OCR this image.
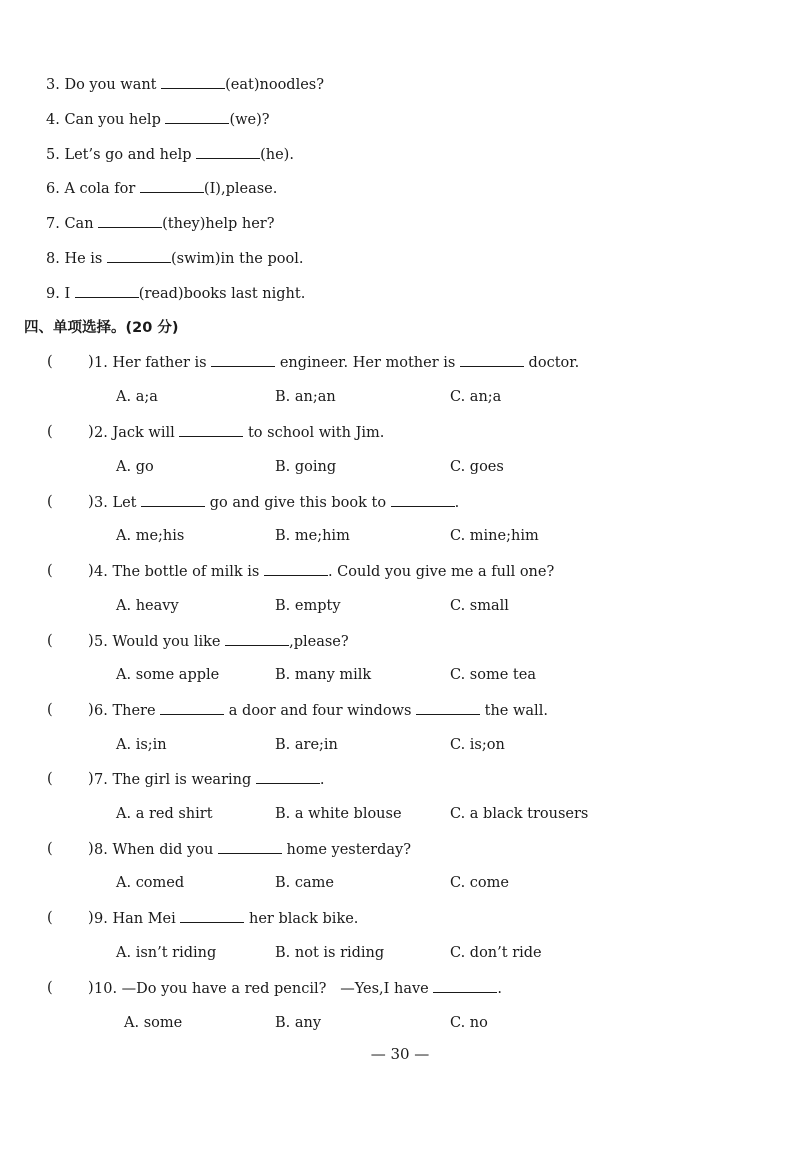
3. Do you want	(eat)noodles?
4. Can you help	(we)?
5. Let’s go and help	(he).
6. A cola for	(I),please.
7. Can	(they)help her?
8. He is	(swim)in the pool.
9. I	(read)books last night.
四、单项选择。(20 分)
( ) 1. Her father is	engineer. Her mother is	doctor.
A. a;a	B. an;an	C. an;a
( ) 2. Jack will	to school with Jim.
A. go	B. going	C. goes
( ) 3. Let	go and give this book to	.
A. me;his	B. me;him	C. mine;him
( ) 4. The bottle of milk is	. Could you give me a full one?
A. heavy	B. empty	C. small
( ) 5. Would you like	,please?
A. some apple	B. many milk	C. some tea
( ) 6. There	a door and four windows	the wall.
A. is;in	B. are;in	C. is;on
( ) 7. The girl is wearing	.
A. a red shirt	B. a white blouse	C. a black trousers
( ) 8. When did you	home yesterday?
A. comed	B. came	C. come
( ) 9. Han Mei	her black bike.
A. isn’t riding	B. not is riding	C. don’t ride
( ) 10. —Do you have a red pencil?   —Yes,I have	.
A. some	B. any	C. no
— 30 —
